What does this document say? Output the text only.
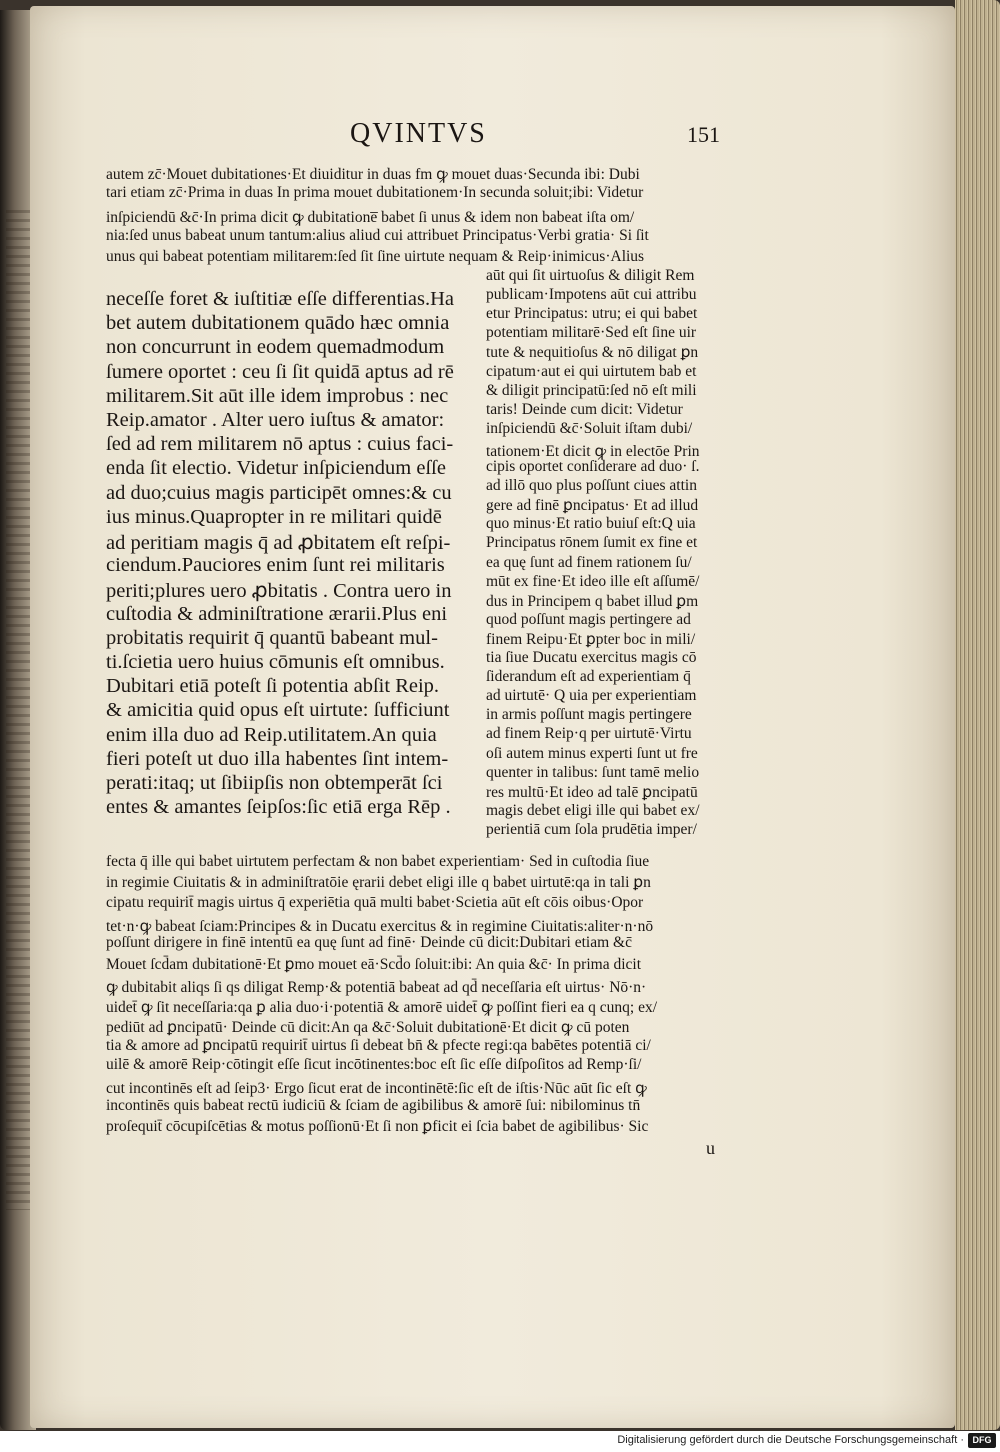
QVINTVS	151
autem zc̄·Mouet dubitationes·Et diuiditur in duas fm ꝙ mouet duas·Secunda ibi: Dubi
tari etiam zc̄·Prima in duas In prima mouet dubitationem·In secunda soluit;ibi: Videtur
inſpiciendū &c̄·In prima dicit ꝙ dubitatione̅ babet ſi unus & idem non babeat iſta om/
nia:ſed unus babeat unum tantum:alius aliud cui attribuet Principatus·Verbi gratia· Si ſit
unus qui babeat potentiam militarem:ſed ſit ſine uirtute nequam & Reip·inimicus·Alius
neceſſe foret & iuſtitiæ eſſe differentias.Ha
bet autem dubitationem quādo hæc omnia
non concurrunt in eodem quemadmodum
ſumere oportet : ceu ſi ſit quidā aptus ad rē
militarem.Sit aūt ille idem improbus : nec
Reip.amator . Alter uero iuſtus & amator:
ſed ad rem militarem nō aptus : cuius faci-
enda ſit electio. Videtur inſpiciendum eſſe
ad duo;cuius magis participēt omnes:& cu
ius minus.Quapropter in re militari quidē
ad peritiam magis q̄ ad ꝓbitatem eſt reſpi-
ciendum.Pauciores enim ſunt rei militaris
periti;plures uero ꝓbitatis . Contra uero in
cuſtodia & adminiſtratione ærarii.Plus eni
probitatis requirit q̄ quantū babeant mul-
ti.ſcietia uero huius cōmunis eſt omnibus.
Dubitari etiā poteſt ſi potentia abſit Reip.
& amicitia quid opus eſt uirtute: ſufficiunt
enim illa duo ad Reip.utilitatem.An quia
fieri poteſt ut duo illa habentes ſint intem-
perati:itaq; ut ſibiipſis non obtemperāt ſci
entes & amantes ſeipſos:ſic etiā erga Rēp .
aūt qui ſit uirtuoſus & diligit Rem
publicam·Impotens aūt cui attribu
etur Principatus: utru; ei qui babet
potentiam militarē·Sed eſt ſine uir
tute & nequitioſus & nō diligat ꝑn
cipatum·aut ei qui uirtutem bab et
& diligit principatū:ſed nō eſt mili
taris! Deinde cum dicit: Videtur
inſpiciendū &c̄·Soluit iſtam dubi/
tationem·Et dicit ꝙ in electōe Prin
cipis oportet conſiderare ad duo· ſ.
ad illō quo plus poſſunt ciues attin
gere ad finē ꝑncipatus· Et ad illud
quo minus·Et ratio buiuſ eſt:Q uia
Principatus rōnem ſumit ex fine et
ea quę ſunt ad finem rationem ſu/
mūt ex fine·Et ideo ille eſt aſſumē/
dus in Principem q babet illud ꝑm
quod poſſunt magis pertingere ad
finem Reipu·Et ꝑpter boc in mili/
tia ſiue Ducatu exercitus magis cō
ſiderandum eſt ad experientiam q̄
ad uirtutē· Q uia per experientiam
in armis poſſunt magis pertingere
ad finem Reip·q per uirtutē·Virtu
oſi autem minus experti ſunt ut fre
quenter in talibus: ſunt tamē melio
res multū·Et ideo ad talē ꝑncipatū
magis debet eligi ille qui babet ex/
perientiā cum ſola prudētia imper/
fecta q̄ ille qui babet uirtutem perfectam & non babet experientiam· Sed in cuſtodia ſiue
in regimie Ciuitatis & in adminiſtratōie ęrarii debet eligi ille q babet uirtutē:qa in tali ꝑn
cipatu requirit̄ magis uirtus q̄ experiētia quā multi babet·Scietia aūt eſt cōis oibus·Opor
tet·n·ꝙ babeat ſciam:Principes & in Ducatu exercitus & in regimine Ciuitatis:aliter·n·nō
poſſunt dirigere in finē intentū ea quę ſunt ad finē· Deinde cū dicit:Dubitari etiam &c̄
Mouet ſcd̄am dubitationē·Et ꝑmo mouet eā·Scd̄o ſoluit:ibi: An quia &c̄· In prima dicit
ꝙ dubitabit aliqs ſi qs diligat Remp·& potentiā babeat ad qd̄ neceſſaria eſt uirtus· Nō·n·
uidet̄ ꝙ ſit neceſſaria:qa ꝑ alia duo·i·potentiā & amorē uidet̄ ꝙ poſſint fieri ea q cunq; ex/
pediūt ad ꝑncipatū· Deinde cū dicit:An qa &c̄·Soluit dubitationē·Et dicit ꝙ cū poten
tia & amore ad ꝑncipatū requirit̄ uirtus ſi debeat bn̄ & pfecte regi:qa babētes potentiā ci/
uilē & amorē Reip·cōtingit eſſe ſicut incōtinentes:boc eſt ſic eſſe diſpoſitos ad Remp·ſi/
cut incontinēs eſt ad ſeip3· Ergo ſicut erat de incontinētē:ſic eſt de iſtis·Nūc aūt ſic eſt ꝙ
incontinēs quis babeat rectū iudiciū & ſciam de agibilibus & amorē ſui: nibilominus tn̄
proſequit̄ cōcupiſcētias & motus poſſionū·Et ſi non ꝑficit ei ſcia babet de agibilibus· Sic
u
Digitalisierung gefördert durch die Deutsche Forschungsgemeinschaft · DFG
